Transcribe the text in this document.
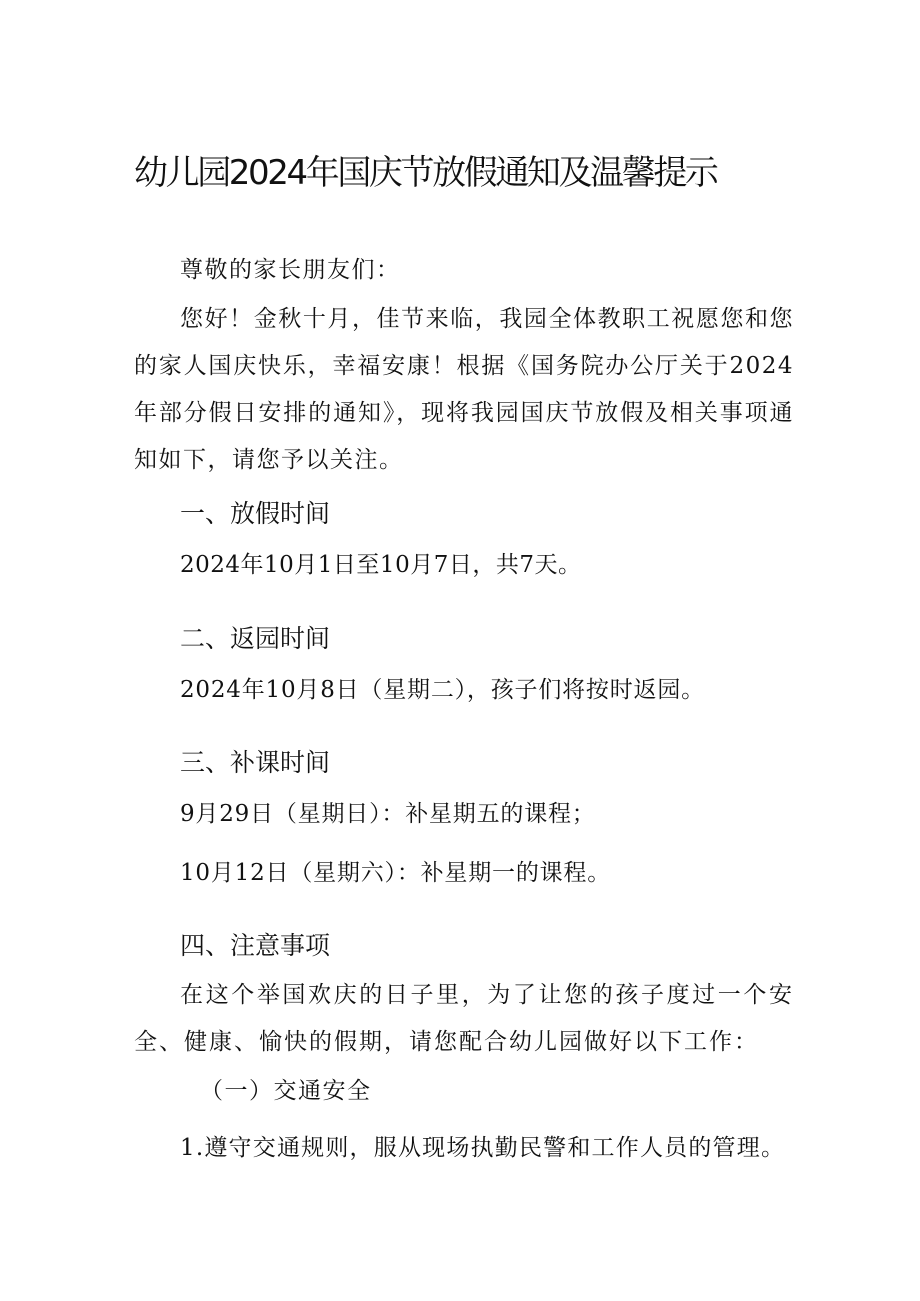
幼儿园2024年国庆节放假通知及温馨提示

尊敬的家长朋友们：

您好！金秋十月，佳节来临，我园全体教职工祝愿您和您的家人国庆快乐，幸福安康！根据《国务院办公厅关于2024年部分假日安排的通知》，现将我园国庆节放假及相关事项通知如下，请您予以关注。

一、放假时间

2024年10月1日至10月7日，共7天。

二、返园时间

2024年10月8日（星期二），孩子们将按时返园。

三、补课时间

9月29日（星期日）：补星期五的课程；

10月12日（星期六）：补星期一的课程。

四、注意事项

在这个举国欢庆的日子里，为了让您的孩子度过一个安全、健康、愉快的假期，请您配合幼儿园做好以下工作：

（一）交通安全

1.遵守交通规则，服从现场执勤民警和工作人员的管理。
